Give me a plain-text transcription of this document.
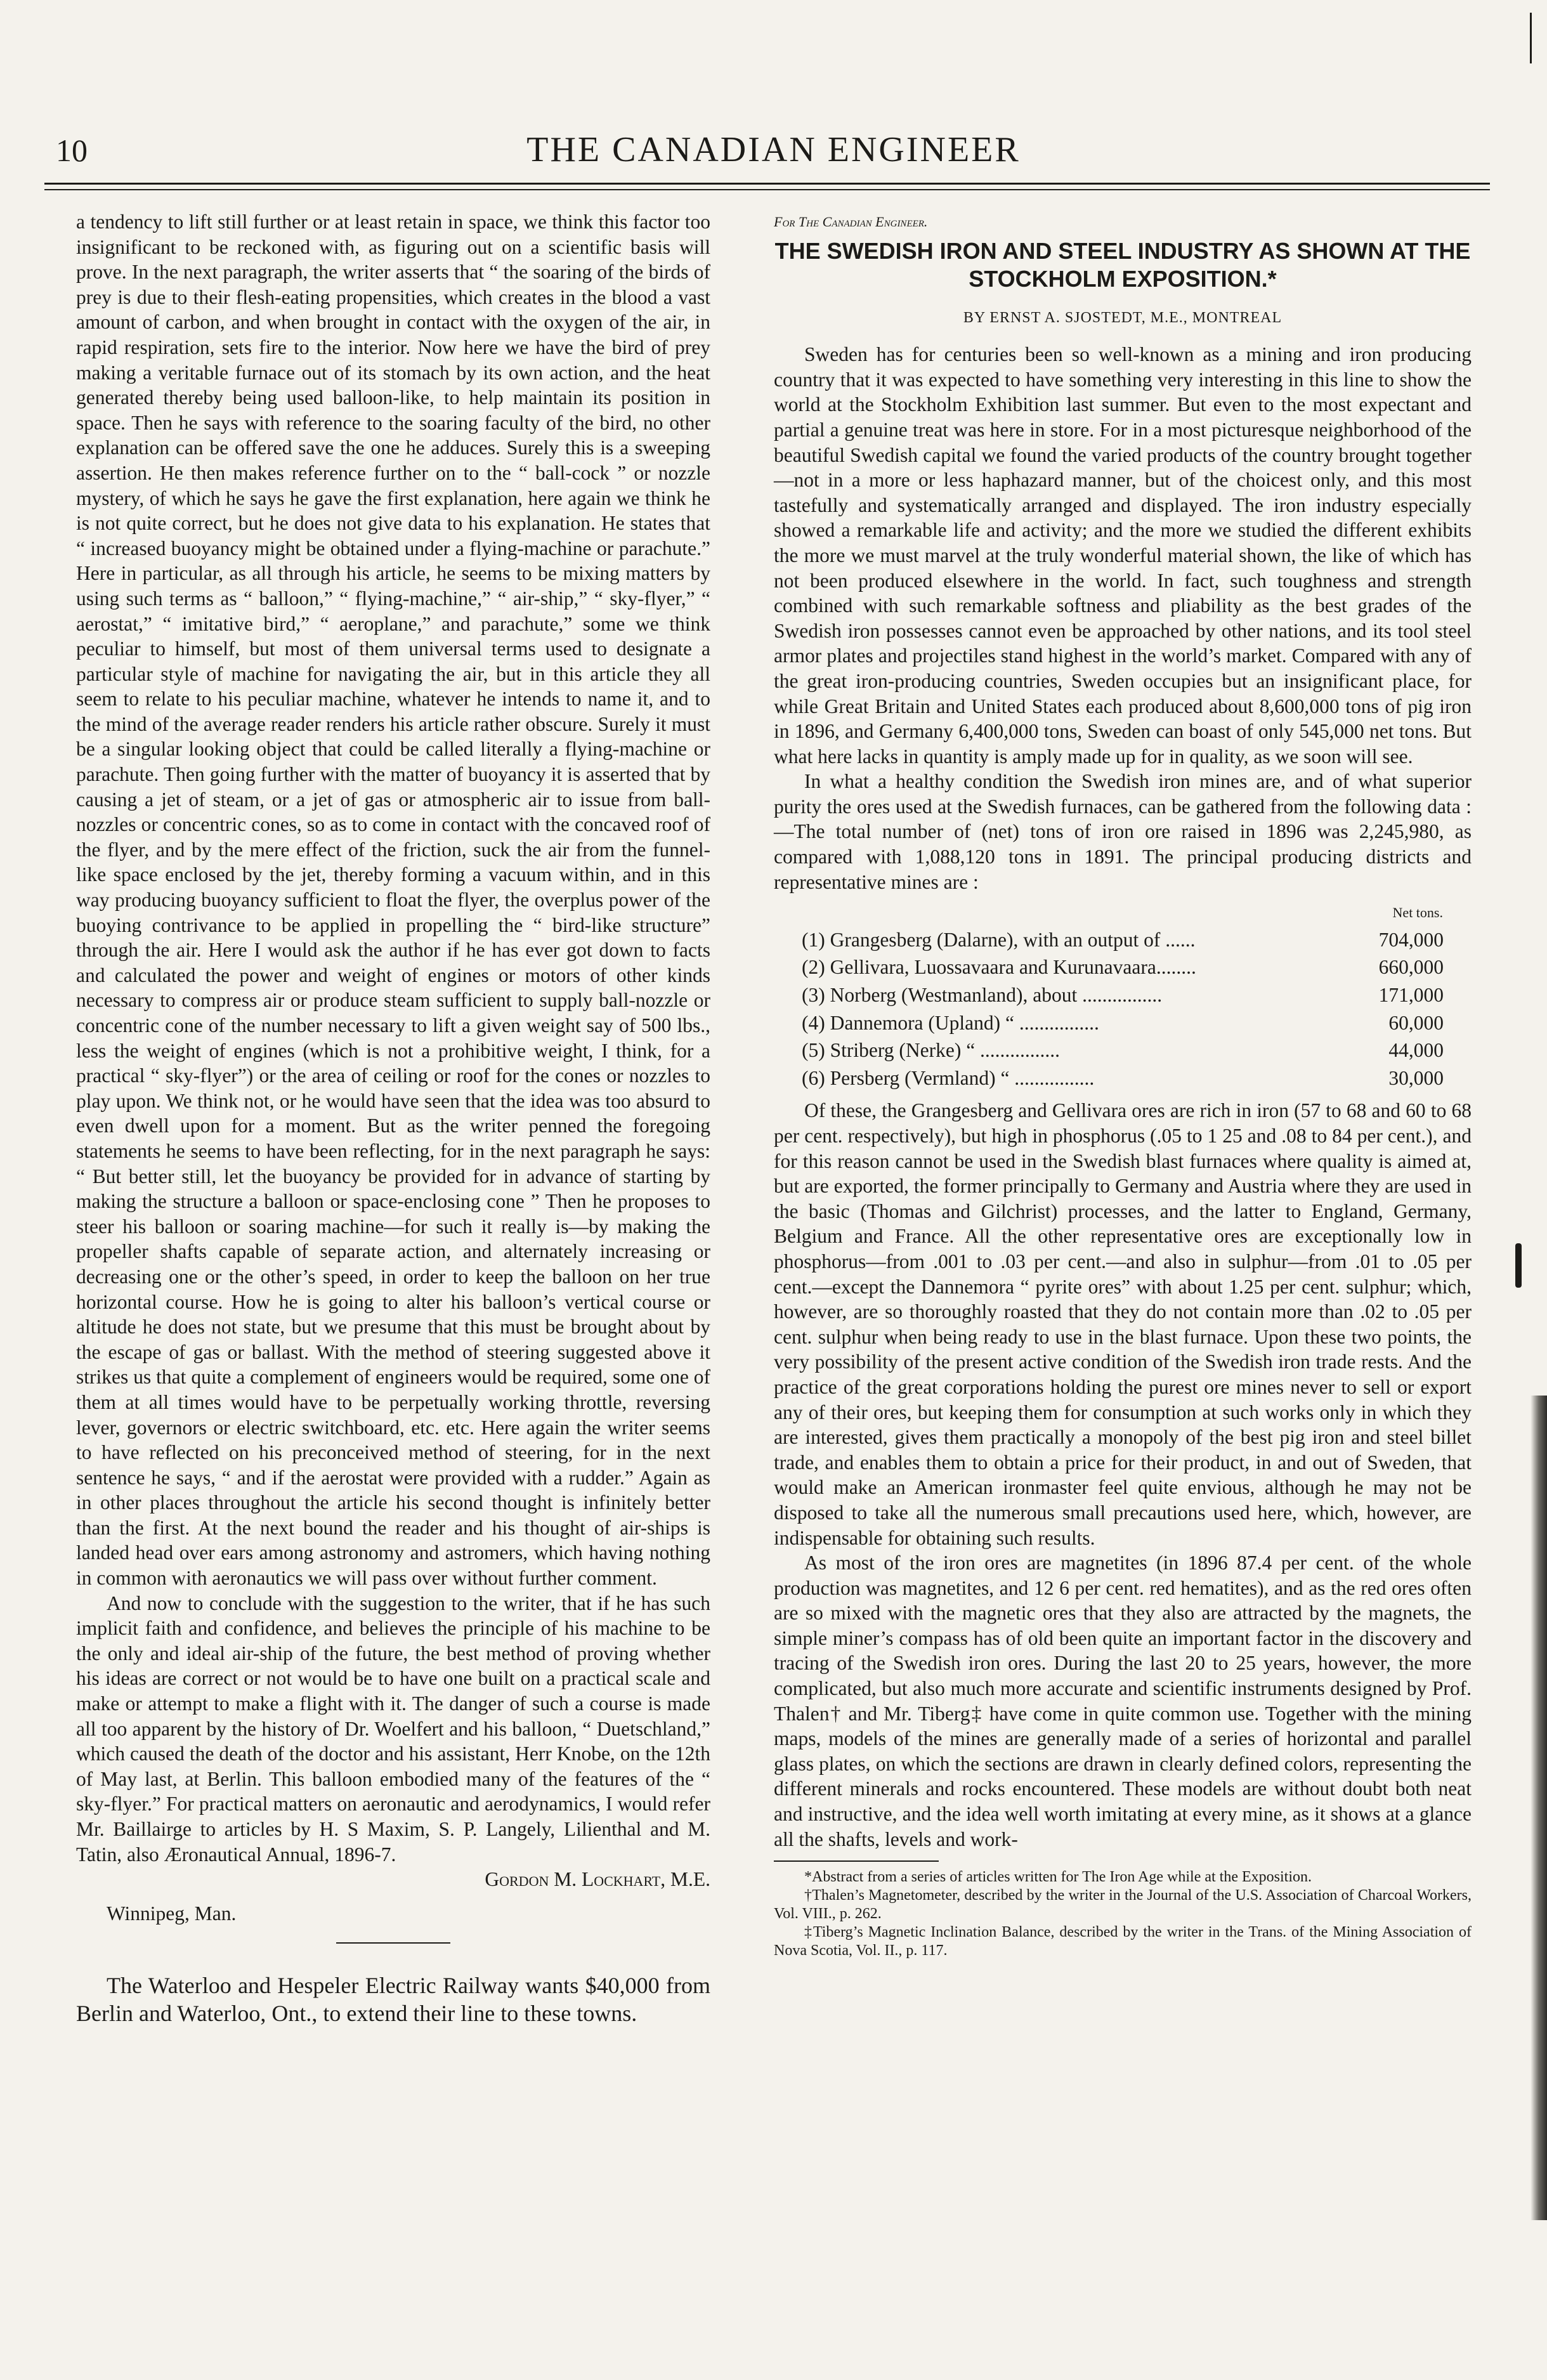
10	THE CANADIAN ENGINEER

a tendency to lift still further or at least retain in space, we think this factor too insignificant to be reckoned with, as figuring out on a scientific basis will prove. In the next paragraph, the writer asserts that “ the soaring of the birds of prey is due to their flesh-eating propensities, which creates in the blood a vast amount of carbon, and when brought in contact with the oxygen of the air, in rapid respiration, sets fire to the interior. Now here we have the bird of prey making a veritable furnace out of its stomach by its own action, and the heat generated thereby being used balloon-like, to help maintain its position in space. Then he says with reference to the soaring faculty of the bird, no other explanation can be offered save the one he adduces. Surely this is a sweeping assertion. He then makes reference further on to the “ ball-cock ” or nozzle mystery, of which he says he gave the first explanation, here again we think he is not quite correct, but he does not give data to his explanation. He states that “ increased buoyancy might be obtained under a flying-machine or parachute.” Here in particular, as all through his article, he seems to be mixing matters by using such terms as “ balloon,” “ flying-machine,” “ air-ship,” “ sky-flyer,” “ aerostat,” “ imitative bird,” “ aeroplane,” and parachute,” some we think peculiar to himself, but most of them universal terms used to designate a particular style of machine for navigating the air, but in this article they all seem to relate to his peculiar machine, whatever he intends to name it, and to the mind of the average reader renders his article rather obscure. Surely it must be a singular looking object that could be called literally a flying-machine or parachute. Then going further with the matter of buoyancy it is asserted that by causing a jet of steam, or a jet of gas or atmospheric air to issue from ball-nozzles or concentric cones, so as to come in contact with the concaved roof of the flyer, and by the mere effect of the friction, suck the air from the funnel-like space enclosed by the jet, thereby forming a vacuum within, and in this way producing buoyancy sufficient to float the flyer, the overplus power of the buoying contrivance to be applied in propelling the “ bird-like structure” through the air. Here I would ask the author if he has ever got down to facts and calculated the power and weight of engines or motors of other kinds necessary to compress air or produce steam sufficient to supply ball-nozzle or concentric cone of the number necessary to lift a given weight say of 500 lbs., less the weight of engines (which is not a prohibitive weight, I think, for a practical “ sky-flyer”) or the area of ceiling or roof for the cones or nozzles to play upon. We think not, or he would have seen that the idea was too absurd to even dwell upon for a moment. But as the writer penned the foregoing statements he seems to have been reflecting, for in the next paragraph he says: “ But better still, let the buoyancy be provided for in advance of starting by making the structure a balloon or space-enclosing cone ” Then he proposes to steer his balloon or soaring machine—for such it really is—by making the propeller shafts capable of separate action, and alternately increasing or decreasing one or the other’s speed, in order to keep the balloon on her true horizontal course. How he is going to alter his balloon’s vertical course or altitude he does not state, but we presume that this must be brought about by the escape of gas or ballast. With the method of steering suggested above it strikes us that quite a complement of engineers would be required, some one of them at all times would have to be perpetually working throttle, reversing lever, governors or electric switchboard, etc. etc. Here again the writer seems to have reflected on his preconceived method of steering, for in the next sentence he says, “ and if the aerostat were provided with a rudder.” Again as in other places throughout the article his second thought is infinitely better than the first. At the next bound the reader and his thought of air-ships is landed head over ears among astronomy and astromers, which having nothing in common with aeronautics we will pass over without further comment.

And now to conclude with the suggestion to the writer, that if he has such implicit faith and confidence, and believes the principle of his machine to be the only and ideal air-ship of the future, the best method of proving whether his ideas are correct or not would be to have one built on a practical scale and make or attempt to make a flight with it. The danger of such a course is made all too apparent by the history of Dr. Woelfert and his balloon, “ Duetschland,” which caused the death of the doctor and his assistant, Herr Knobe, on the 12th of May last, at Berlin. This balloon embodied many of the features of the “ sky-flyer.” For practical matters on aeronautic and aerodynamics, I would refer Mr. Baillairge to articles by H. S Maxim, S. P. Langely, Lilienthal and M. Tatin, also Æronautical Annual, 1896-7.

Gordon M. Lockhart, M.E.

Winnipeg, Man.

The Waterloo and Hespeler Electric Railway wants $40,000 from Berlin and Waterloo, Ont., to extend their line to these towns.

For The Canadian Engineer.
THE SWEDISH IRON AND STEEL INDUSTRY AS SHOWN AT THE STOCKHOLM EXPOSITION.*
BY ERNST A. SJOSTEDT, M.E., MONTREAL

Sweden has for centuries been so well-known as a mining and iron producing country that it was expected to have something very interesting in this line to show the world at the Stockholm Exhibition last summer. But even to the most expectant and partial a genuine treat was here in store. For in a most picturesque neighborhood of the beautiful Swedish capital we found the varied products of the country brought together—not in a more or less haphazard manner, but of the choicest only, and this most tastefully and systematically arranged and displayed. The iron industry especially showed a remarkable life and activity; and the more we studied the different exhibits the more we must marvel at the truly wonderful material shown, the like of which has not been produced elsewhere in the world. In fact, such toughness and strength combined with such remarkable softness and pliability as the best grades of the Swedish iron possesses cannot even be approached by other nations, and its tool steel armor plates and projectiles stand highest in the world’s market. Compared with any of the great iron-producing countries, Sweden occupies but an insignificant place, for while Great Britain and United States each produced about 8,600,000 tons of pig iron in 1896, and Germany 6,400,000 tons, Sweden can boast of only 545,000 net tons. But what here lacks in quantity is amply made up for in quality, as we soon will see.

In what a healthy condition the Swedish iron mines are, and of what superior purity the ores used at the Swedish furnaces, can be gathered from the following data :—The total number of (net) tons of iron ore raised in 1896 was 2,245,980, as compared with 1,088,120 tons in 1891. The principal producing districts and representative mines are :

	Net tons.
(1) Grangesberg (Dalarne), with an output of ......	704,000
(2) Gellivara, Luossavaara and Kurunavaara........	660,000
(3) Norberg (Westmanland), about ................	171,000
(4) Dannemora (Upland) “ ................	60,000
(5) Striberg (Nerke) “ ................	44,000
(6) Persberg (Vermland) “ ................	30,000

Of these, the Grangesberg and Gellivara ores are rich in iron (57 to 68 and 60 to 68 per cent. respectively), but high in phosphorus (.05 to 1 25 and .08 to 84 per cent.), and for this reason cannot be used in the Swedish blast furnaces where quality is aimed at, but are exported, the former principally to Germany and Austria where they are used in the basic (Thomas and Gilchrist) processes, and the latter to England, Germany, Belgium and France. All the other representative ores are exceptionally low in phosphorus—from .001 to .03 per cent.—and also in sulphur—from .01 to .05 per cent.—except the Dannemora “ pyrite ores” with about 1.25 per cent. sulphur; which, however, are so thoroughly roasted that they do not contain more than .02 to .05 per cent. sulphur when being ready to use in the blast furnace. Upon these two points, the very possibility of the present active condition of the Swedish iron trade rests. And the practice of the great corporations holding the purest ore mines never to sell or export any of their ores, but keeping them for consumption at such works only in which they are interested, gives them practically a monopoly of the best pig iron and steel billet trade, and enables them to obtain a price for their product, in and out of Sweden, that would make an American ironmaster feel quite envious, although he may not be disposed to take all the numerous small precautions used here, which, however, are indispensable for obtaining such results.

As most of the iron ores are magnetites (in 1896 87.4 per cent. of the whole production was magnetites, and 12 6 per cent. red hematites), and as the red ores often are so mixed with the magnetic ores that they also are attracted by the magnets, the simple miner’s compass has of old been quite an important factor in the discovery and tracing of the Swedish iron ores. During the last 20 to 25 years, however, the more complicated, but also much more accurate and scientific instruments designed by Prof. Thalen† and Mr. Tiberg‡ have come in quite common use. Together with the mining maps, models of the mines are generally made of a series of horizontal and parallel glass plates, on which the sections are drawn in clearly defined colors, representing the different minerals and rocks encountered. These models are without doubt both neat and instructive, and the idea well worth imitating at every mine, as it shows at a glance all the shafts, levels and work-

*Abstract from a series of articles written for The Iron Age while at the Exposition.

†Thalen’s Magnetometer, described by the writer in the Journal of the U.S. Association of Charcoal Workers, Vol. VIII., p. 262.

‡Tiberg’s Magnetic Inclination Balance, described by the writer in the Trans. of the Mining Association of Nova Scotia, Vol. II., p. 117.
